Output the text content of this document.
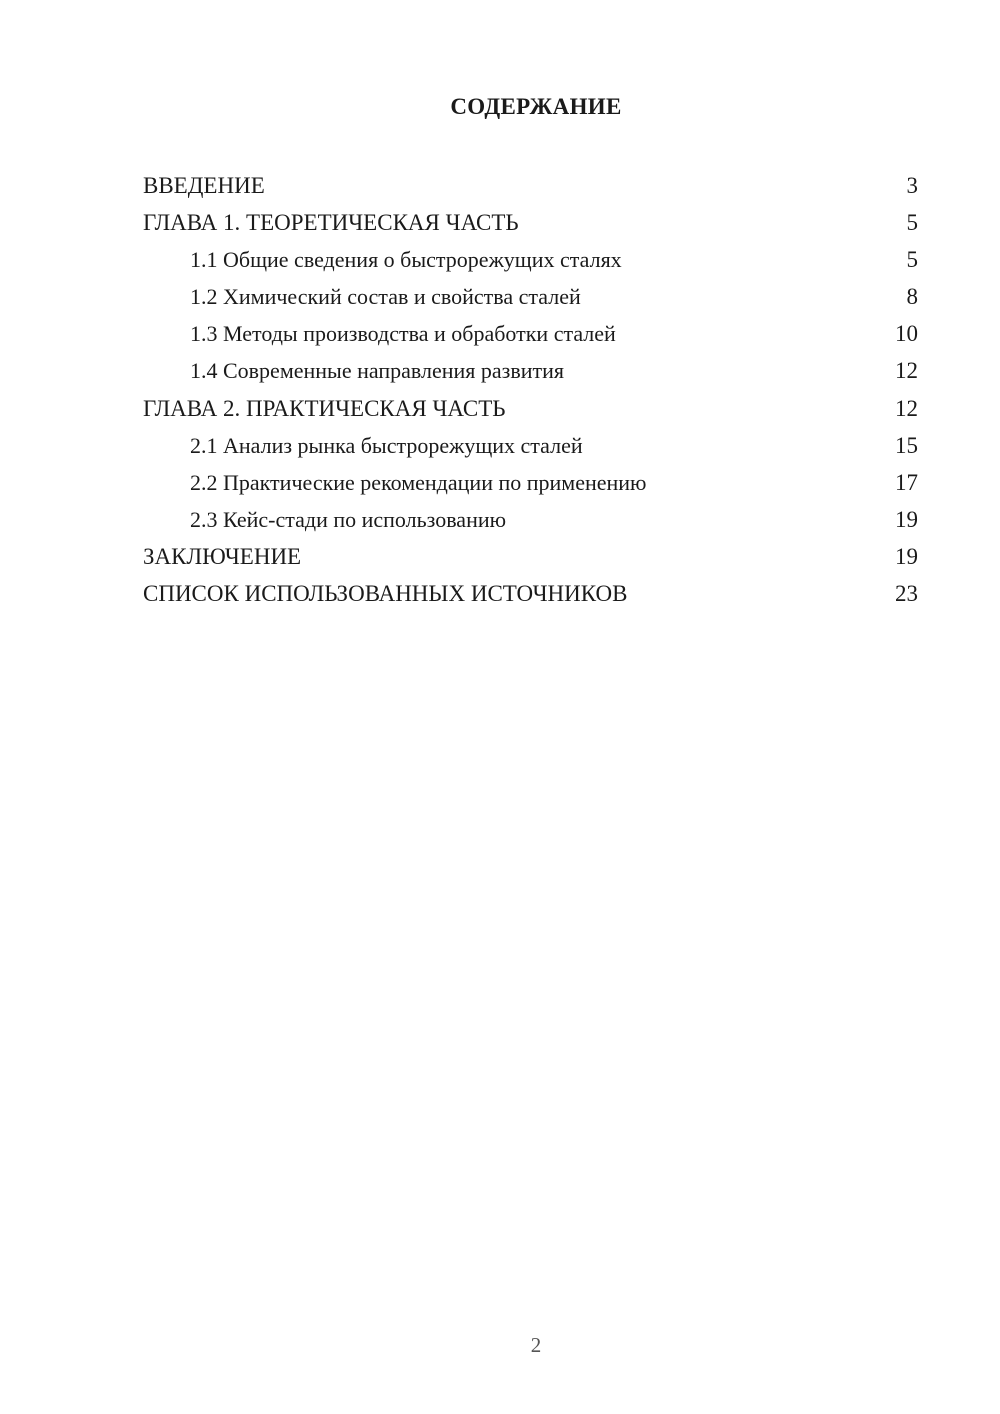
СОДЕРЖАНИЕ
ВВЕДЕНИЕ	3
ГЛАВА 1. ТЕОРЕТИЧЕСКАЯ ЧАСТЬ	5
1.1 Общие сведения о быстрорежущих сталях	5
1.2 Химический состав и свойства сталей	8
1.3 Методы производства и обработки сталей	10
1.4 Современные направления развития	12
ГЛАВА 2. ПРАКТИЧЕСКАЯ ЧАСТЬ	12
2.1 Анализ рынка быстрорежущих сталей	15
2.2 Практические рекомендации по применению	17
2.3 Кейс-стади по использованию	19
ЗАКЛЮЧЕНИЕ	19
СПИСОК ИСПОЛЬЗОВАННЫХ ИСТОЧНИКОВ	23
2
